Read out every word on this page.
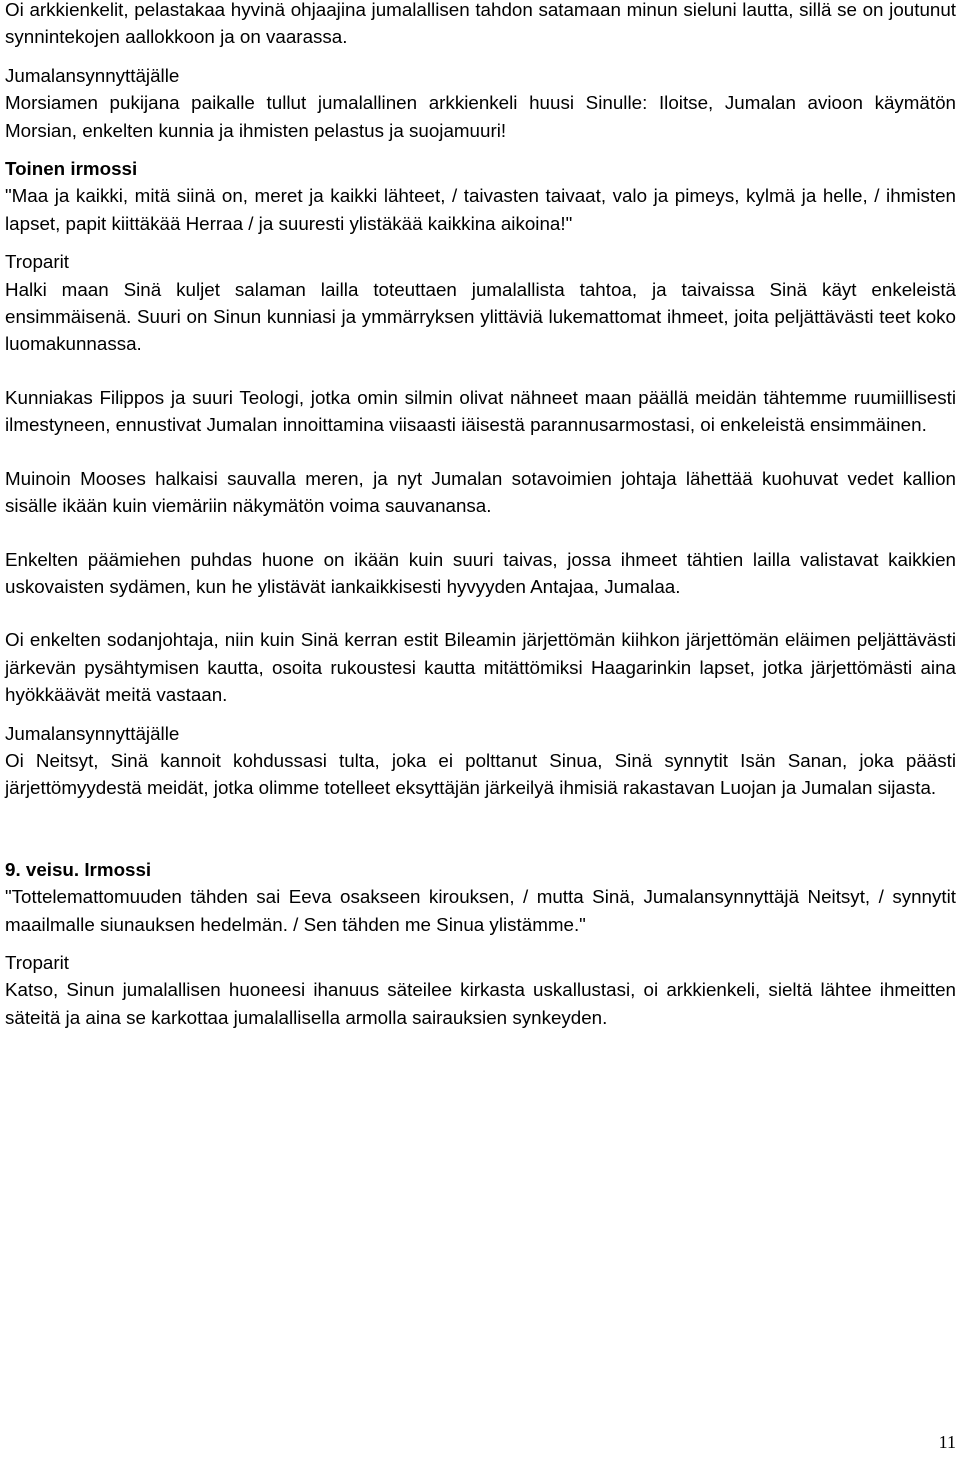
Oi arkkienkelit, pelastakaa hyvinä ohjaajina jumalallisen tahdon satamaan minun sieluni lautta, sillä se on joutunut synnintekojen aallokkoon ja on vaarassa.

Jumalansynnyttäjälle

Morsiamen pukijana paikalle tullut jumalallinen arkkienkeli huusi Sinulle: Iloitse, Jumalan avioon käymätön Morsian, enkelten kunnia ja ihmisten pelastus ja suojamuuri!

Toinen irmossi

"Maa ja kaikki, mitä siinä on, meret ja kaikki lähteet, / taivasten taivaat, valo ja pimeys, kylmä ja helle, / ihmisten lapset, papit kiittäkää Herraa / ja suuresti ylistäkää kaikkina aikoina!"

Troparit

Halki maan Sinä kuljet salaman lailla toteuttaen jumalallista tahtoa, ja taivaissa Sinä käyt enkeleistä ensimmäisenä. Suuri on Sinun kunniasi ja ymmärryksen ylittäviä lukemattomat ihmeet, joita peljättävästi teet koko luomakunnassa.

Kunniakas Filippos ja suuri Teologi, jotka omin silmin olivat nähneet maan päällä meidän tähtemme ruumiillisesti ilmestyneen, ennustivat Jumalan innoittamina viisaasti iäisestä parannusarmostasi, oi enkeleistä ensimmäinen.

Muinoin Mooses halkaisi sauvalla meren, ja nyt Jumalan sotavoimien johtaja lähettää kuohuvat vedet kallion sisälle ikään kuin viemäriin näkymätön voima sauvanansa.

Enkelten päämiehen puhdas huone on ikään kuin suuri taivas, jossa ihmeet tähtien lailla valistavat kaikkien uskovaisten sydämen, kun he ylistävät iankaikkisesti hyvyyden Antajaa, Jumalaa.

Oi enkelten sodanjohtaja, niin kuin Sinä kerran estit Bileamin järjettömän kiihkon järjettömän eläimen peljättävästi järkevän pysähtymisen kautta, osoita rukoustesi kautta mitättömiksi Haagarinkin lapset, jotka järjettömästi aina hyökkäävät meitä vastaan.

Jumalansynnyttäjälle

Oi Neitsyt, Sinä kannoit kohdussasi tulta, joka ei polttanut Sinua, Sinä synnytit Isän Sanan, joka päästi järjettömyydestä meidät, jotka olimme totelleet eksyttäjän järkeilyä ihmisiä rakastavan Luojan ja Jumalan sijasta.

9. veisu. Irmossi

"Tottelemattomuuden tähden sai Eeva osakseen kirouksen, / mutta Sinä, Jumalansynnyttäjä Neitsyt, / synnytit maailmalle siunauksen hedelmän. / Sen tähden me Sinua ylistämme."

Troparit

Katso, Sinun jumalallisen huoneesi ihanuus säteilee kirkasta uskallustasi, oi arkkienkeli, sieltä lähtee ihmeitten säteitä ja aina se karkottaa jumalallisella armolla sairauksien synkeyden.

11
